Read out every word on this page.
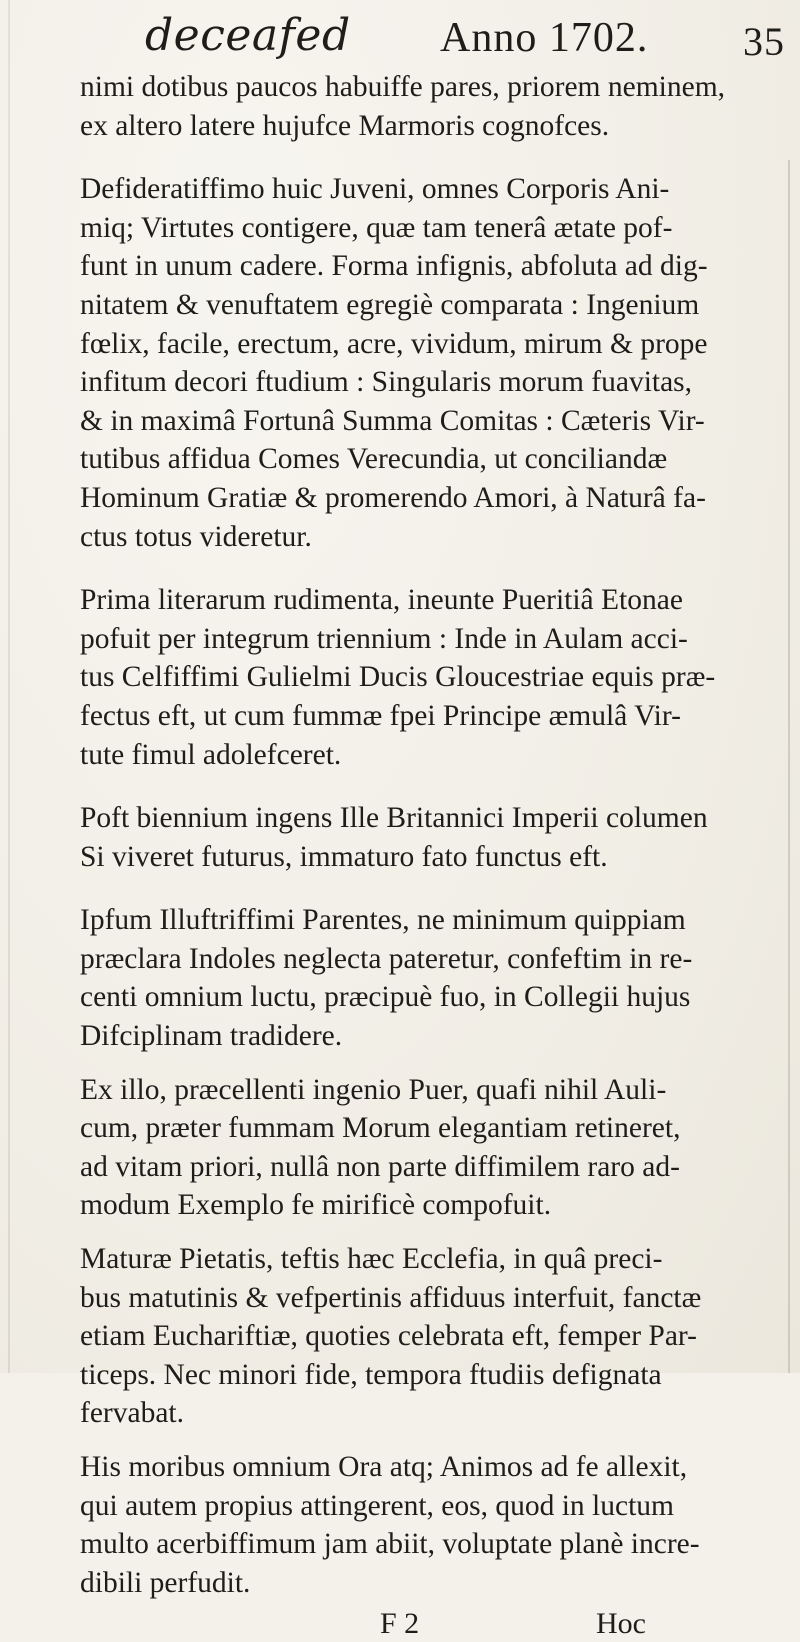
deceafed Anno 1702. 35
nimi dotibus paucos habuiffe pares, priorem neminem,
ex altero latere hujufce Marmoris cognofces.
Defideratiffimo huic Juveni, omnes Corporis Ani-
miq; Virtutes contigere, quæ tam tenerâ ætate pof-
funt in unum cadere. Forma infignis, abfoluta ad dig-
nitatem & venuftatem egregiè comparata : Ingenium
fœlix, facile, erectum, acre, vividum, mirum & prope
infitum decori ftudium : Singularis morum fuavitas,
& in maximâ Fortunâ Summa Comitas : Cæteris Vir-
tutibus affidua Comes Verecundia, ut conciliandæ
Hominum Gratiæ & promerendo Amori, à Naturâ fa-
ctus totus videretur.
Prima literarum rudimenta, ineunte Pueritiâ Etonae
pofuit per integrum triennium : Inde in Aulam acci-
tus Celfiffimi Gulielmi Ducis Gloucestriae equis præ-
fectus eft, ut cum fummæ fpei Principe æmulâ Vir-
tute fimul adolefceret.
Poft biennium ingens Ille Britannici Imperii columen
Si viveret futurus, immaturo fato functus eft.
Ipfum Illuftriffimi Parentes, ne minimum quippiam
præclara Indoles neglecta pateretur, confeftim in re-
centi omnium luctu, præcipuè fuo, in Collegii hujus
Difciplinam tradidere.
Ex illo, præcellenti ingenio Puer, quafi nihil Auli-
cum, præter fummam Morum elegantiam retineret,
ad vitam priori, nullâ non parte diffimilem raro ad-
modum Exemplo fe mirificè compofuit.
Maturæ Pietatis, teftis hæc Ecclefia, in quâ preci-
bus matutinis & vefpertinis affiduus interfuit, fanctæ
etiam Euchariftiæ, quoties celebrata eft, femper Par-
ticeps. Nec minori fide, tempora ftudiis defignata
fervabat.
His moribus omnium Ora atq; Animos ad fe allexit,
qui autem propius attingerent, eos, quod in luctum
multo acerbiffimum jam abiit, voluptate planè incre-
dibili perfudit.
F 2	Hoc
